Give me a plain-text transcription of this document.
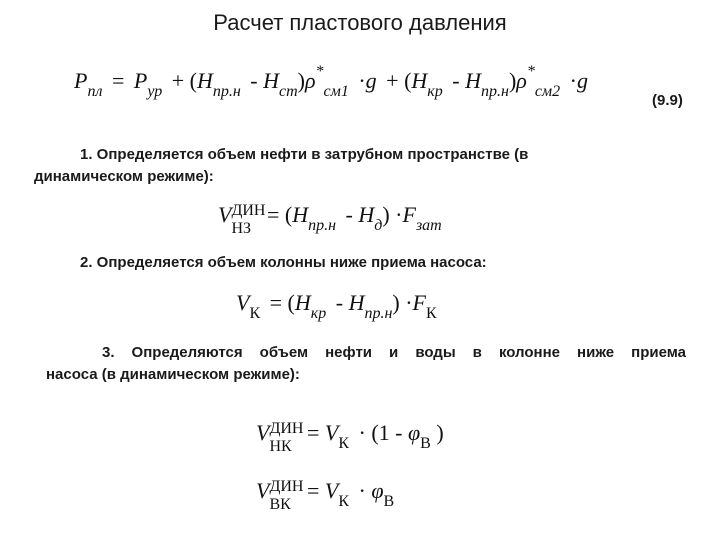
Расчет пластового давления
Pпл  =  Pур  + (Hпр.н  - Hст)ρ*см1  ·g  + (Hкр  - Hпр.н)ρ*см2  ·g
(9.9)
1. Определяется объем нефти в затрубном пространстве (в динамическом режиме):
V ДИН
НЗ
= (Hпр.н  - Hд) ·Fзат
2. Определяется объем колонны ниже приема насоса:
VК  = (Hкр  - Hпр.н) ·FК
3. Определяются объем нефти и воды в колонне ниже приема
насоса (в динамическом режиме):
V ДИН
НК
= VК  · (1 - φВ )
V ДИН
ВК
= VК  · φВ
